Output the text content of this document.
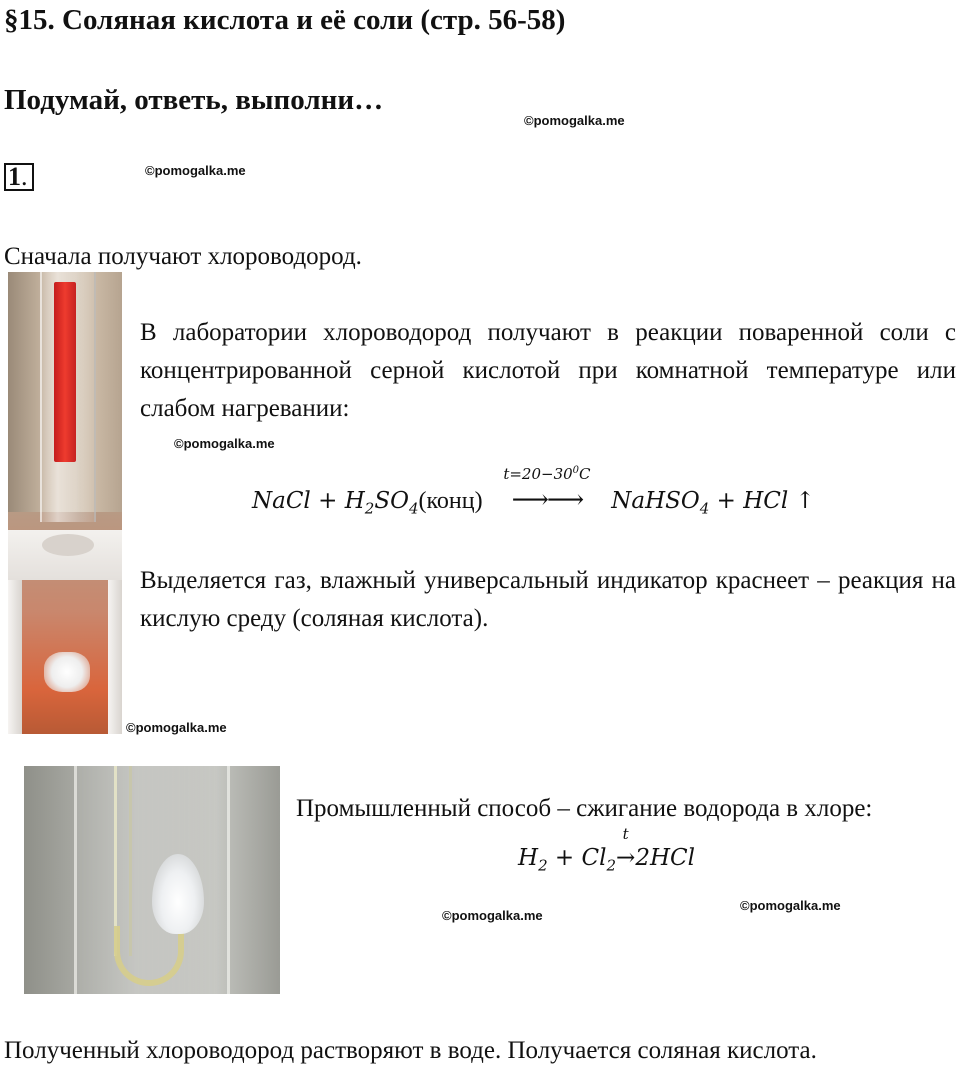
§15. Соляная кислота и её соли (стр. 56-58)
Подумай, ответь, выполни…
©pomogalka.me
1.	©pomogalka.me
Сначала получают хлороводород.
В лаборатории хлороводород получают в реакции поваренной соли с концентрированной серной кислотой при комнатной температуре или слабом нагревании:
©pomogalka.me
NaCl + $H_2SO_4(конц)$
$t=20-30^0C$
⟶⟶ NaHSO$_4$ + HCl ↑
Выделяется газ, влажный универсальный индикатор краснеет – реакция на кислую среду (соляная кислота).
©pomogalka.me
Промышленный способ – сжигание водорода в хлоре:
$H_2 + Cl_2$
t
→2HCl
©pomogalka.me
©pomogalka.me
Полученный хлороводород растворяют в воде. Получается соляная кислота.
